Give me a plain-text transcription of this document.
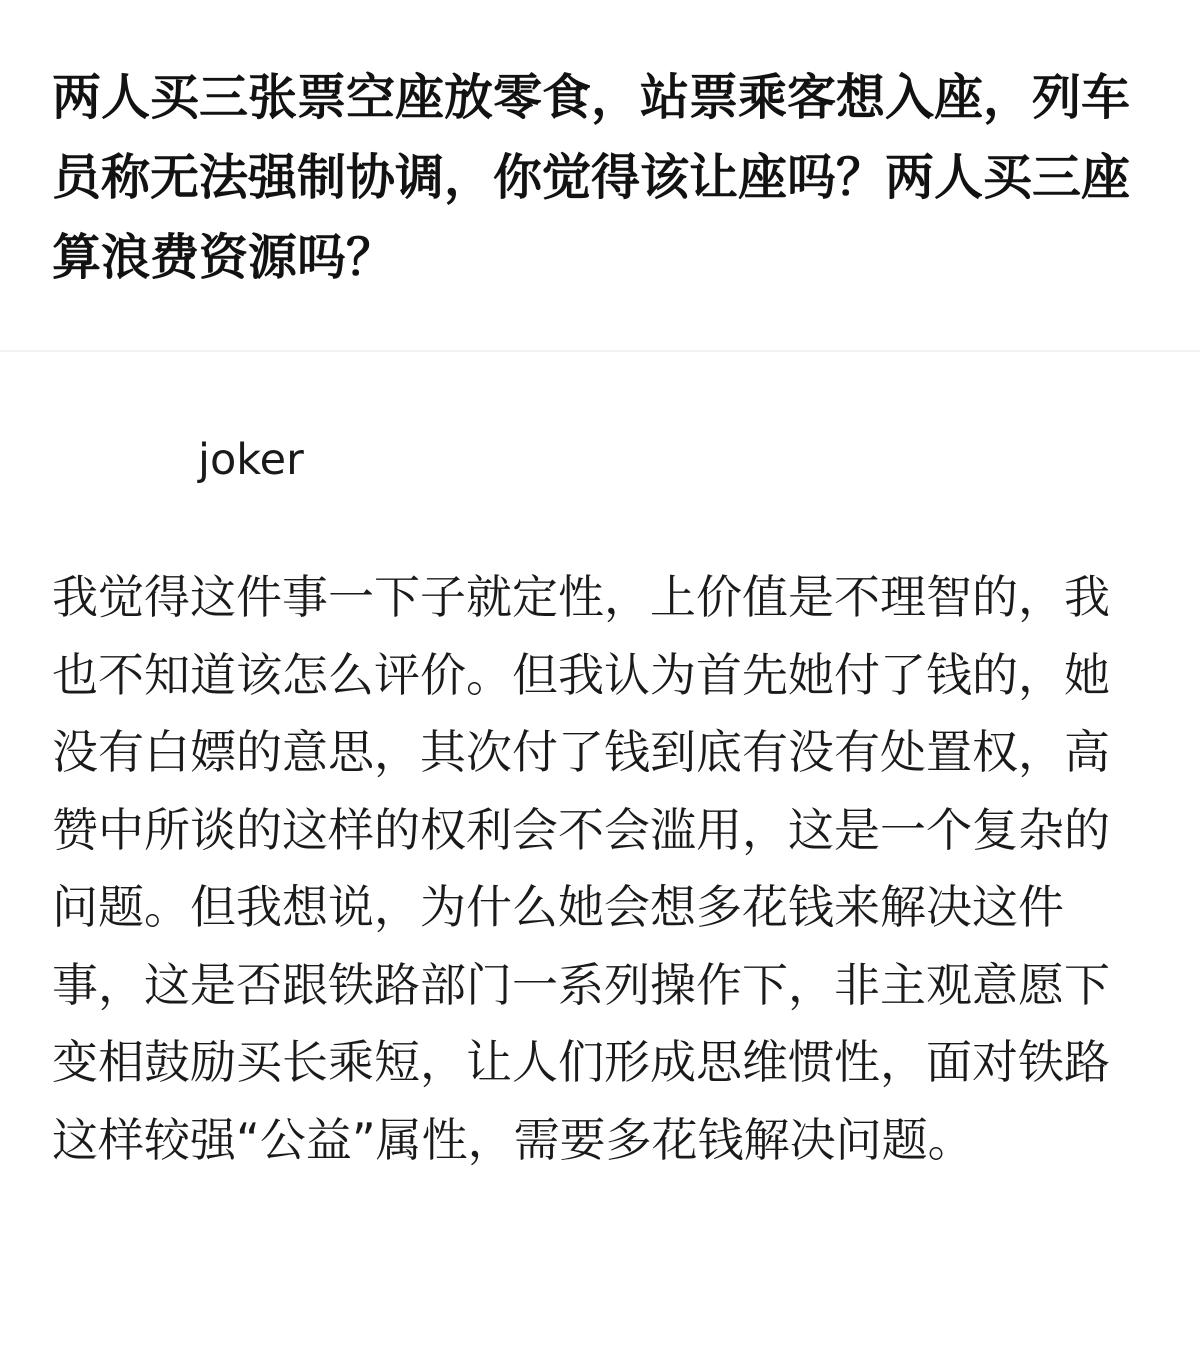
两人买三张票空座放零食，站票乘客想入座，列车员称无法强制协调，你觉得该让座吗？两人买三座算浪费资源吗？
joker

我觉得这件事一下子就定性，上价值是不理智的，我也不知道该怎么评价。但我认为首先她付了钱的，她没有白嫖的意思，其次付了钱到底有没有处置权，高赞中所谈的这样的权利会不会滥用，这是一个复杂的问题。但我想说，为什么她会想多花钱来解决这件事，这是否跟铁路部门一系列操作下，非主观意愿下变相鼓励买长乘短，让人们形成思维惯性，面对铁路这样较强“公益”属性，需要多花钱解决问题。
